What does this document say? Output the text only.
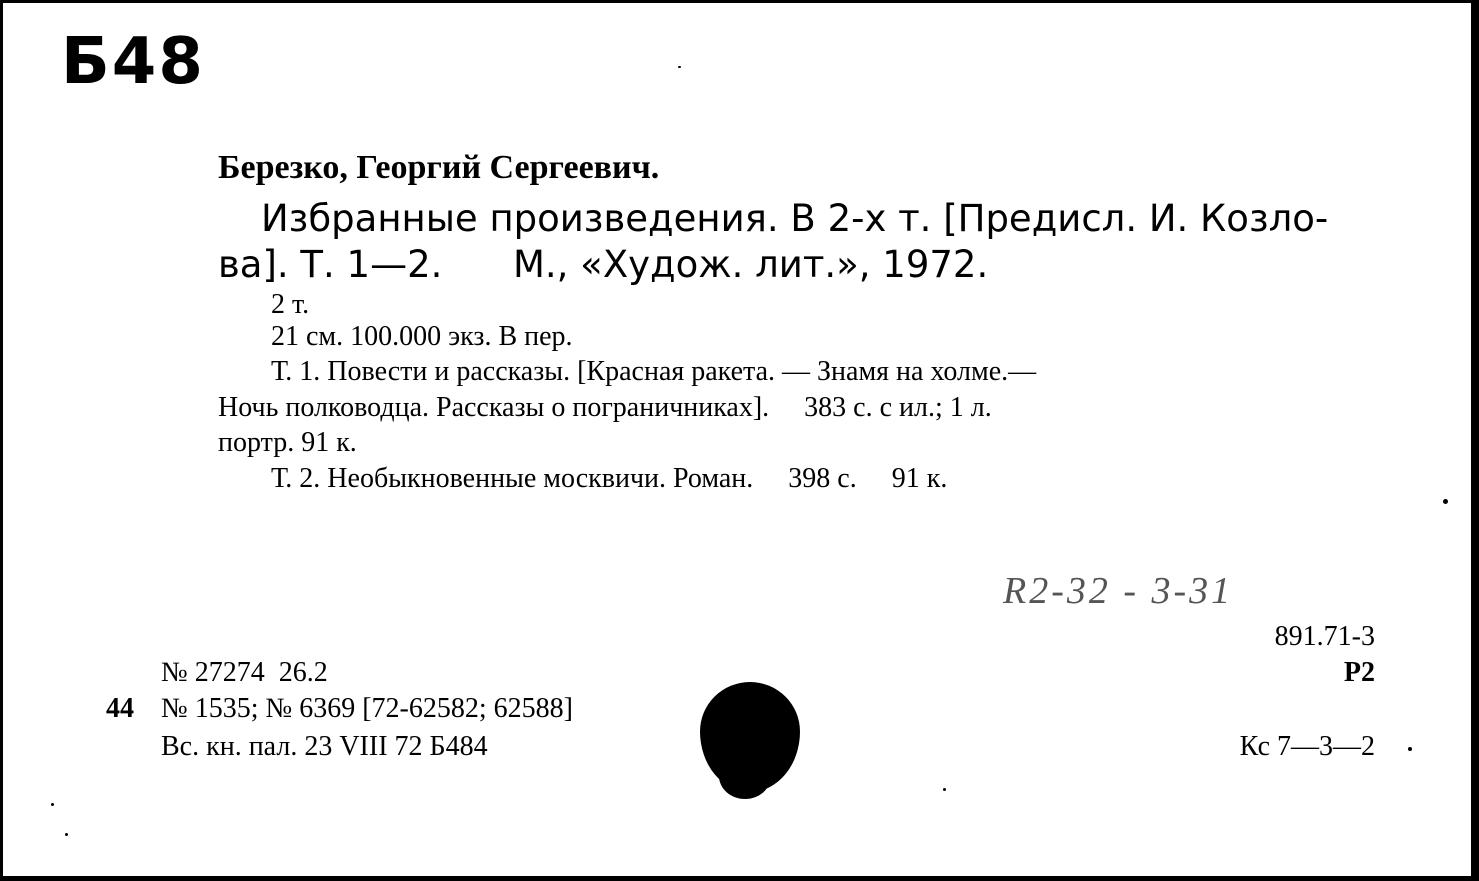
Б48
Березко, Георгий Сергеевич.
Избранные произведения. В 2-х т. [Предисл. И. Козло-
ва]. Т. 1—2.      М., «Худож. лит.», 1972.
2 т.
21 см. 100.000 экз. В пер.
Т. 1. Повести и рассказы. [Красная ракета. — Знамя на холме.—
Ночь полководца. Рассказы о пограничниках].     383 с. с ил.; 1 л.
портр. 91 к.
Т. 2. Необыкновенные москвичи. Роман.     398 с.     91 к.
R2-32 - 3-31
891.71-3
Р2
Кс 7—3—2
№ 27274  26.2
44 № 1535; № 6369 [72-62582; 62588]
Вс. кн. пал. 23 VIII 72 Б484
